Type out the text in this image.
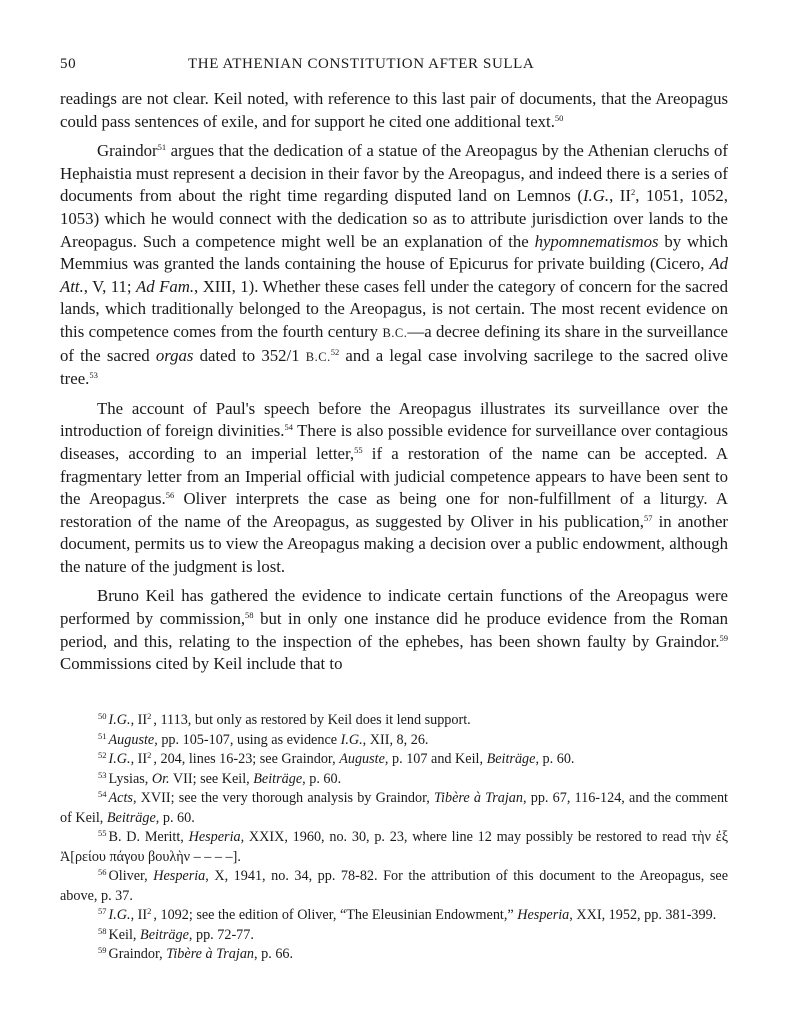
50	THE ATHENIAN CONSTITUTION AFTER SULLA

readings are not clear. Keil noted, with reference to this last pair of documents, that the Areopagus could pass sentences of exile, and for support he cited one additional text.$^{50}$

Graindor$^{51}$ argues that the dedication of a statue of the Areopagus by the Athenian cleruchs of Hephaistia must represent a decision in their favor by the Areopagus, and indeed there is a series of documents from about the right time regarding disputed land on Lemnos (I.G., II$^2$, 1051, 1052, 1053) which he would connect with the dedication so as to attribute jurisdiction over lands to the Areopagus. Such a competence might well be an explanation of the hypomnematismos by which Memmius was granted the lands containing the house of Epicurus for private building (Cicero, Ad Att., V, 11; Ad Fam., XIII, 1). Whether these cases fell under the category of concern for the sacred lands, which traditionally belonged to the Areopagus, is not certain. The most recent evidence on this competence comes from the fourth century B.C.—a decree defining its share in the surveillance of the sacred orgas dated to 352/1 B.C.$^{52}$ and a legal case involving sacrilege to the sacred olive tree.$^{53}$

The account of Paul's speech before the Areopagus illustrates its surveillance over the introduction of foreign divinities.$^{54}$ There is also possible evidence for surveillance over contagious diseases, according to an imperial letter,$^{55}$ if a restoration of the name can be accepted. A fragmentary letter from an Imperial official with judicial competence appears to have been sent to the Areopagus.$^{56}$ Oliver interprets the case as being one for non-fulfillment of a liturgy. A restoration of the name of the Areopagus, as suggested by Oliver in his publication,$^{57}$ in another document, permits us to view the Areopagus making a decision over a public endowment, although the nature of the judgment is lost.

Bruno Keil has gathered the evidence to indicate certain functions of the Areopagus were performed by commission,$^{58}$ but in only one instance did he produce evidence from the Roman period, and this, relating to the inspection of the ephebes, has been shown faulty by Graindor.$^{59}$ Commissions cited by Keil include that to

$^{50}$ I.G., II$^2$ , 1113, but only as restored by Keil does it lend support.

$^{51}$ Auguste, pp. 105-107, using as evidence I.G., XII, 8, 26.

$^{52}$ I.G., II$^2$ , 204, lines 16-23; see Graindor, Auguste, p. 107 and Keil, Beiträge, p. 60.

$^{53}$ Lysias, Or. VII; see Keil, Beiträge, p. 60.

$^{54}$ Acts, XVII; see the very thorough analysis by Graindor, Tibère à Trajan, pp. 67, 116-124, and the comment of Keil, Beiträge, p. 60.

$^{55}$ B. D. Meritt, Hesperia, XXIX, 1960, no. 30, p. 23, where line 12 may possibly be restored to read τὴν ἐξ Ἀ[ρείου πάγου βουλὴν – – – –].

$^{56}$ Oliver, Hesperia, X, 1941, no. 34, pp. 78-82. For the attribution of this document to the Areopagus, see above, p. 37.

$^{57}$ I.G., II$^2$ , 1092; see the edition of Oliver, “The Eleusinian Endowment,” Hesperia, XXI, 1952, pp. 381-399.

$^{58}$ Keil, Beiträge, pp. 72-77.

$^{59}$ Graindor, Tibère à Trajan, p. 66.
